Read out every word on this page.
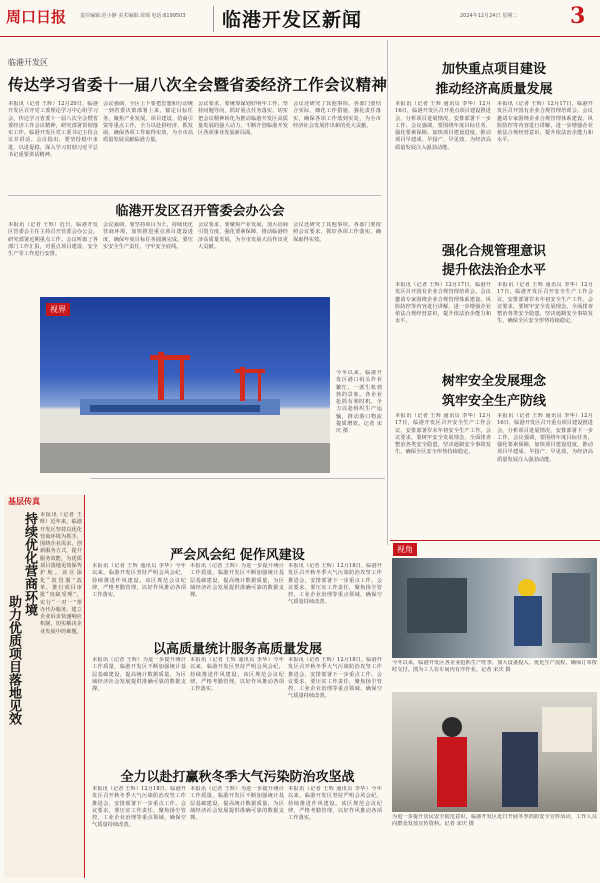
周口日报	责任编辑:范小静 美术编辑:苗琛 电话:6199503 临港开发区新闻	2024年12月24日 星期二 3
临港开发区
传达学习省委十一届八次全会暨省委经济工作会议精神
本报讯（记者 王辉）12月20日，临港开发区召开党工委理论学习中心组学习会，传达学习省委十一届八次全会暨省委经济工作会议精神，研究部署贯彻落实工作。临港开发区党工委书记主持会议并讲话。会议指出，要坚持稳中求进、以进促稳，深入学习贯彻习近平总书记重要讲话精神。
会议强调，全区上下要把思想和行动统一到省委决策部署上来，锚定目标任务，聚焦产业发展、项目建设、招商引资等重点工作，全力以赴拼经济、抓发展，确保各项工作取得实效，为全市高质量发展贡献临港力量。
会议要求，要统筹谋划好明年工作，坚持问题导向，抓好重点任务落实，切实把会议精神转化为推动临港开发区高质量发展的强大动力，不断开创临港开发区各项事业发展新局面。
会议还研究了其他事项。各部门要结合实际，细化工作措施，强化责任落实，确保各项工作落到实处，为全市经济社会发展作出新的更大贡献。
加快重点项目建设
推动经济高质量发展
本报讯（记者 王辉 通讯员 李华）12月16日，临港开发区召开重点项目建设推进会，分析项目进展情况，安排部署下一步工作。会议强调，要围绕年度目标任务，强化要素保障，加快项目建设进度，推动项目早建成、早投产、早见效，为经济高质量发展注入强劲动能。
本报讯（记者 王辉）12月17日，临港开发区召开国有企业合规管理培训会。会议邀请专家围绕企业合规管理体系建设、风险防控等内容进行讲解，进一步增强企业依法合规经营意识，提升依法治企能力和水平。
强化合规管理意识
提升依法治企水平
本报讯（记者 王辉）12月17日，临港开发区召开国有企业合规管理培训会。会议邀请专家围绕企业合规管理体系建设、风险防控等内容进行讲解，进一步增强企业依法合规经营意识，提升依法治企能力和水平。
本报讯（记者 王辉 通讯员 李华）12月17日，临港开发区召开安全生产工作会议，安排部署岁末年初安全生产工作。会议要求，要树牢安全发展理念，全面排查整治各类安全隐患，坚决遏制安全事故发生，确保全区安全形势持续稳定。
树牢安全发展理念
筑牢安全生产防线
本报讯（记者 王辉 通讯员 李华）12月17日，临港开发区召开安全生产工作会议，安排部署岁末年初安全生产工作。会议要求，要树牢安全发展理念，全面排查整治各类安全隐患，坚决遏制安全事故发生，确保全区安全形势持续稳定。
本报讯（记者 王辉 通讯员 李华）12月16日，临港开发区召开重点项目建设推进会，分析项目进展情况，安排部署下一步工作。会议强调，要围绕年度目标任务，强化要素保障，加快项目建设进度，推动项目早建成、早投产、早见效，为经济高质量发展注入强劲动能。
临港开发区召开管委会办公会
本报讯（记者 王辉）近日，临港开发区管委会主任主持召开管委会办公会，研究部署近期重点工作。会议听取了各部门工作汇报，对重点项目建设、安全生产等工作进行安排。
会议强调，要坚持项目为王，持续优化营商环境，加快推进重点项目建设进度，确保年度目标任务圆满完成。要压实安全生产责任，守牢安全底线。
会议要求，要聚焦产业发展，加大招商引资力度，强化要素保障，推动临港经济高质量发展，为全市发展大局作出更大贡献。
会议还研究了其他事项。各部门要按照会议要求，抓好各项工作落实，确保取得实效。
视界
今冬以来，临港开发区港口码头作业繁忙，一派生机勃勃的景象。各企业抢抓有利时机，全力以赴组织生产运输，推动港口物流提质增效。记者 宋庆 摄
基层传真
持续优化营商环境
助力优质项目落地见效
本报讯（记者 王辉）近年来，临港开发区坚持以优化营商环境为抓手，围绕企业需求，创新服务方式，提升服务效能，为优质项目落地见效保驾护航。该区深化“放管服”改革，推行项目审批“容缺受理”，实行“一对一”帮办代办服务，建立企业诉求快速响应机制，切实解决企业发展中的难题。
严会风会纪 促作风建设
本报讯（记者 王辉 通讯员 李华）今年以来，临港开发区坚持严明会风会纪，持续推进作风建设。该区规范会议纪律，严格考勤管理，以好作风推动各项工作落实。
本报讯（记者 王辉）为进一步提升统计工作质量，临港开发区不断加强统计基层基础建设，提高统计数据质量，为区域经济社会发展提供准确可靠的数据支撑。
本报讯（记者 王辉）12月18日，临港开发区召开秋冬季大气污染防治攻坚工作推进会，安排部署下一步重点工作。会议要求，要压实工作责任，聚焦扬尘管控、工业企业治理等重点领域，确保空气质量持续改善。
以高质量统计服务高质量发展
本报讯（记者 王辉）为进一步提升统计工作质量，临港开发区不断加强统计基层基础建设，提高统计数据质量，为区域经济社会发展提供准确可靠的数据支撑。
本报讯（记者 王辉 通讯员 李华）今年以来，临港开发区坚持严明会风会纪，持续推进作风建设。该区规范会议纪律，严格考勤管理，以好作风推动各项工作落实。
本报讯（记者 王辉）12月18日，临港开发区召开秋冬季大气污染防治攻坚工作推进会，安排部署下一步重点工作。会议要求，要压实工作责任，聚焦扬尘管控、工业企业治理等重点领域，确保空气质量持续改善。
全力以赴打赢秋冬季大气污染防治攻坚战
本报讯（记者 王辉）12月18日，临港开发区召开秋冬季大气污染防治攻坚工作推进会，安排部署下一步重点工作。会议要求，要压实工作责任，聚焦扬尘管控、工业企业治理等重点领域，确保空气质量持续改善。
本报讯（记者 王辉）为进一步提升统计工作质量，临港开发区不断加强统计基层基础建设，提高统计数据质量，为区域经济社会发展提供准确可靠的数据支撑。
本报讯（记者 王辉 通讯员 李华）今年以来，临港开发区坚持严明会风会纪，持续推进作风建设。该区规范会议纪律，严格考勤管理，以好作风推动各项工作落实。
视角
今冬以来，临港开发区各企业抢抓生产旺季，加大设备投入，优化生产流程，确保订单按时交付。图为工人在车间内有序作业。记者 宋庆 摄
为进一步提升居民安全防范意识，临港开发区近日开展冬季消防安全宣传活动，工作人员向群众发放宣传资料。记者 宋庆 摄
